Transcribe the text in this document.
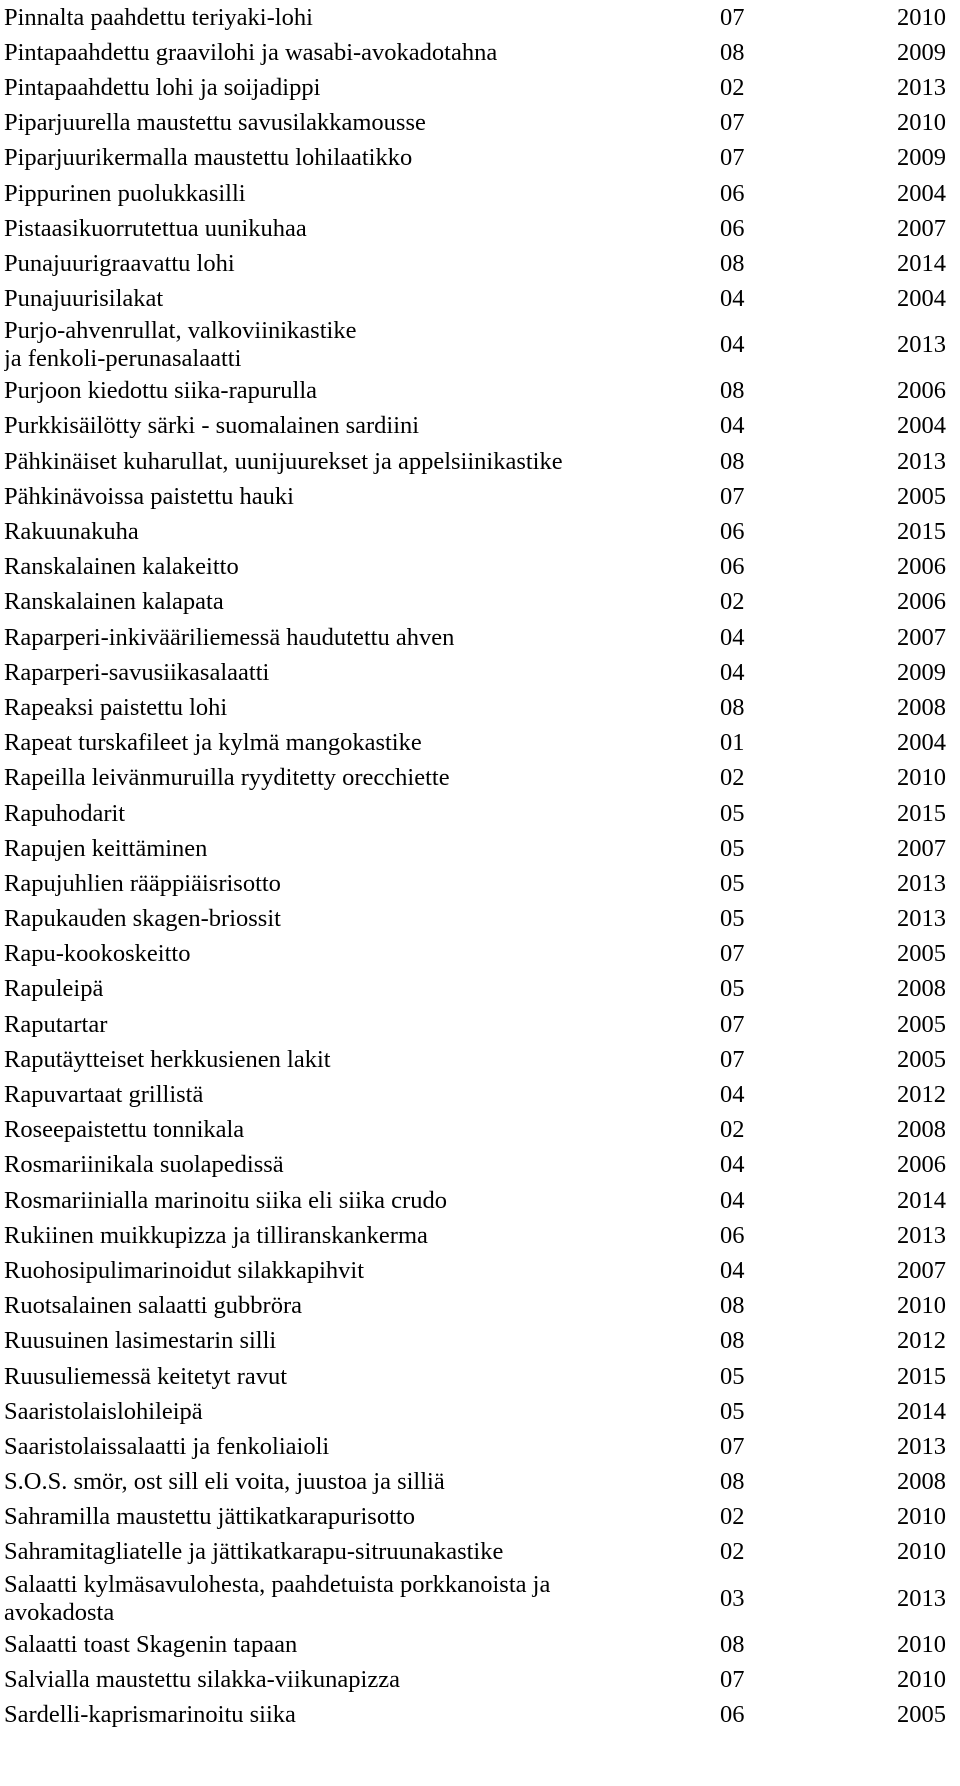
Pinnalta paahdettu teriyaki-lohi	07	2010
Pintapaahdettu graavilohi ja wasabi-avokadotahna	08	2009
Pintapaahdettu lohi ja soijadippi	02	2013
Piparjuurella maustettu savusilakkamousse	07	2010
Piparjuurikermalla maustettu lohilaatikko	07	2009
Pippurinen puolukkasilli	06	2004
Pistaasikuorrutettua uunikuhaa	06	2007
Punajuurigraavattu lohi	08	2014
Punajuurisilakat	04	2004
Purjo-ahvenrullat, valkoviinikastike
ja fenkoli-perunasalaatti
04	2013
Purjoon kiedottu siika-rapurulla	08	2006
Purkkisäilötty särki - suomalainen sardiini	04	2004
Pähkinäiset kuharullat, uunijuurekset ja appelsiinikastike	08	2013
Pähkinävoissa paistettu hauki	07	2005
Rakuunakuha	06	2015
Ranskalainen kalakeitto	06	2006
Ranskalainen kalapata	02	2006
Raparperi-inkivääriliemessä haudutettu ahven	04	2007
Raparperi-savusiikasalaatti	04	2009
Rapeaksi paistettu lohi	08	2008
Rapeat turskafileet ja kylmä mangokastike	01	2004
Rapeilla leivänmuruilla ryyditetty orecchiette	02	2010
Rapuhodarit	05	2015
Rapujen keittäminen	05	2007
Rapujuhlien rääppiäisrisotto	05	2013
Rapukauden skagen-briossit	05	2013
Rapu-kookoskeitto	07	2005
Rapuleipä	05	2008
Raputartar	07	2005
Raputäytteiset herkkusienen lakit	07	2005
Rapuvartaat grillistä	04	2012
Roseepaistettu tonnikala	02	2008
Rosmariinikala suolapedissä	04	2006
Rosmariinialla marinoitu siika eli siika crudo	04	2014
Rukiinen muikkupizza ja tilliranskankerma	06	2013
Ruohosipulimarinoidut silakkapihvit	04	2007
Ruotsalainen salaatti gubbröra	08	2010
Ruusuinen lasimestarin silli	08	2012
Ruusuliemessä keitetyt ravut	05	2015
Saaristolaislohileipä	05	2014
Saaristolaissalaatti ja fenkoliaioli	07	2013
S.O.S. smör, ost sill eli voita, juustoa ja silliä	08	2008
Sahramilla maustettu jättikatkarapurisotto	02	2010
Sahramitagliatelle ja jättikatkarapu-sitruunakastike	02	2010
Salaatti kylmäsavulohesta, paahdetuista porkkanoista ja
avokadosta
03	2013
Salaatti toast Skagenin tapaan	08	2010
Salvialla maustettu silakka-viikunapizza	07	2010
Sardelli-kaprismarinoitu siika	06	2005
